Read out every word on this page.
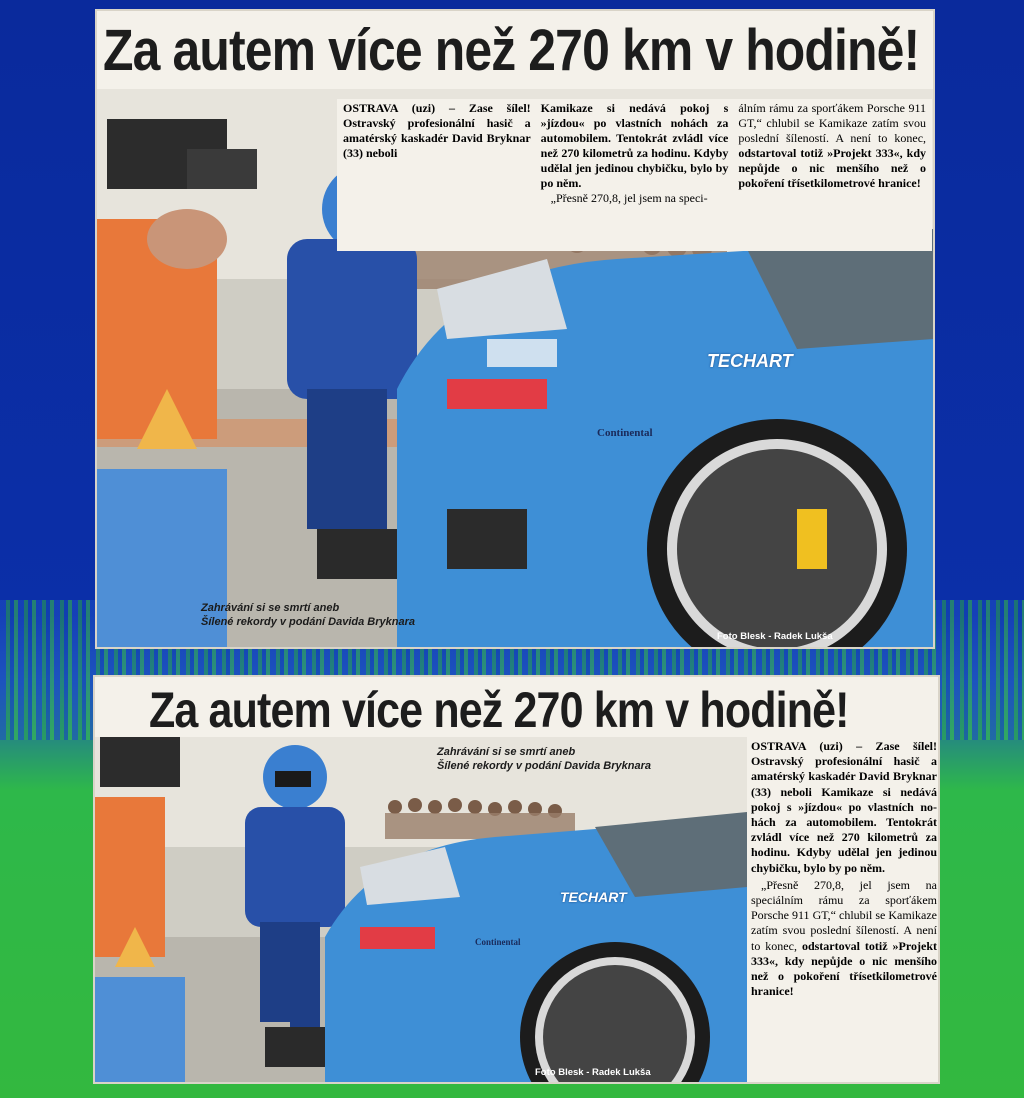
TECHART
Continental
Zahrávání si se smrtí aneb
Šílené rekordy v podání Davida Bryknara
Foto Blesk - Radek Lukša

OSTRAVA (uzi) – Zase šílel! Ostravský profesionální hasič a amatérský kaskadér David Bryknar (33) neboli

Kamikaze si nedává pokoj s »jízdou« po vlastních nohách za automobilem. Tentokrát zvládl více než 270 kilometrů za hodinu. Kdyby udělal jen jedinou chybičku, bylo by po něm.

„Přesně 270,8, jel jsem na speci-

álním rámu za sporťákem Porsche 911 GT,“ chlubil se Kamikaze zatím svou poslední šíleností. A není to konec, odstartoval totiž »Projekt 333«, kdy nepůjde o nic menšího než o pokoření třísetkilometrové hranice!

Za autem více než 270 km v hodině!
TECHART
Continental
Zahrávání si se smrtí aneb
Šílené rekordy v podání Davida Bryknara
Foto Blesk - Radek Lukša

OSTRAVA (uzi) – Zase šílel! Ostravský profesionální hasič a amatérský kaskadér David Bryknar (33) neboli Kamikaze si nedává pokoj s »jízdou« po vlastních nohách za automobilem. Tentokrát zvládl více než 270 kilometrů za hodinu. Kdyby udělal jen jedinou chybičku, bylo by po něm.

„Přesně 270,8, jel jsem na speciálním rámu za sporťákem Porsche 911 GT,“ chlubil se Kamikaze zatím svou poslední šíleností. A není to konec, odstartoval totiž »Projekt 333«, kdy nepůjde o nic menšího než o pokoření třísetkilometrové hranice!

Za autem více než 270 km v hodině!
